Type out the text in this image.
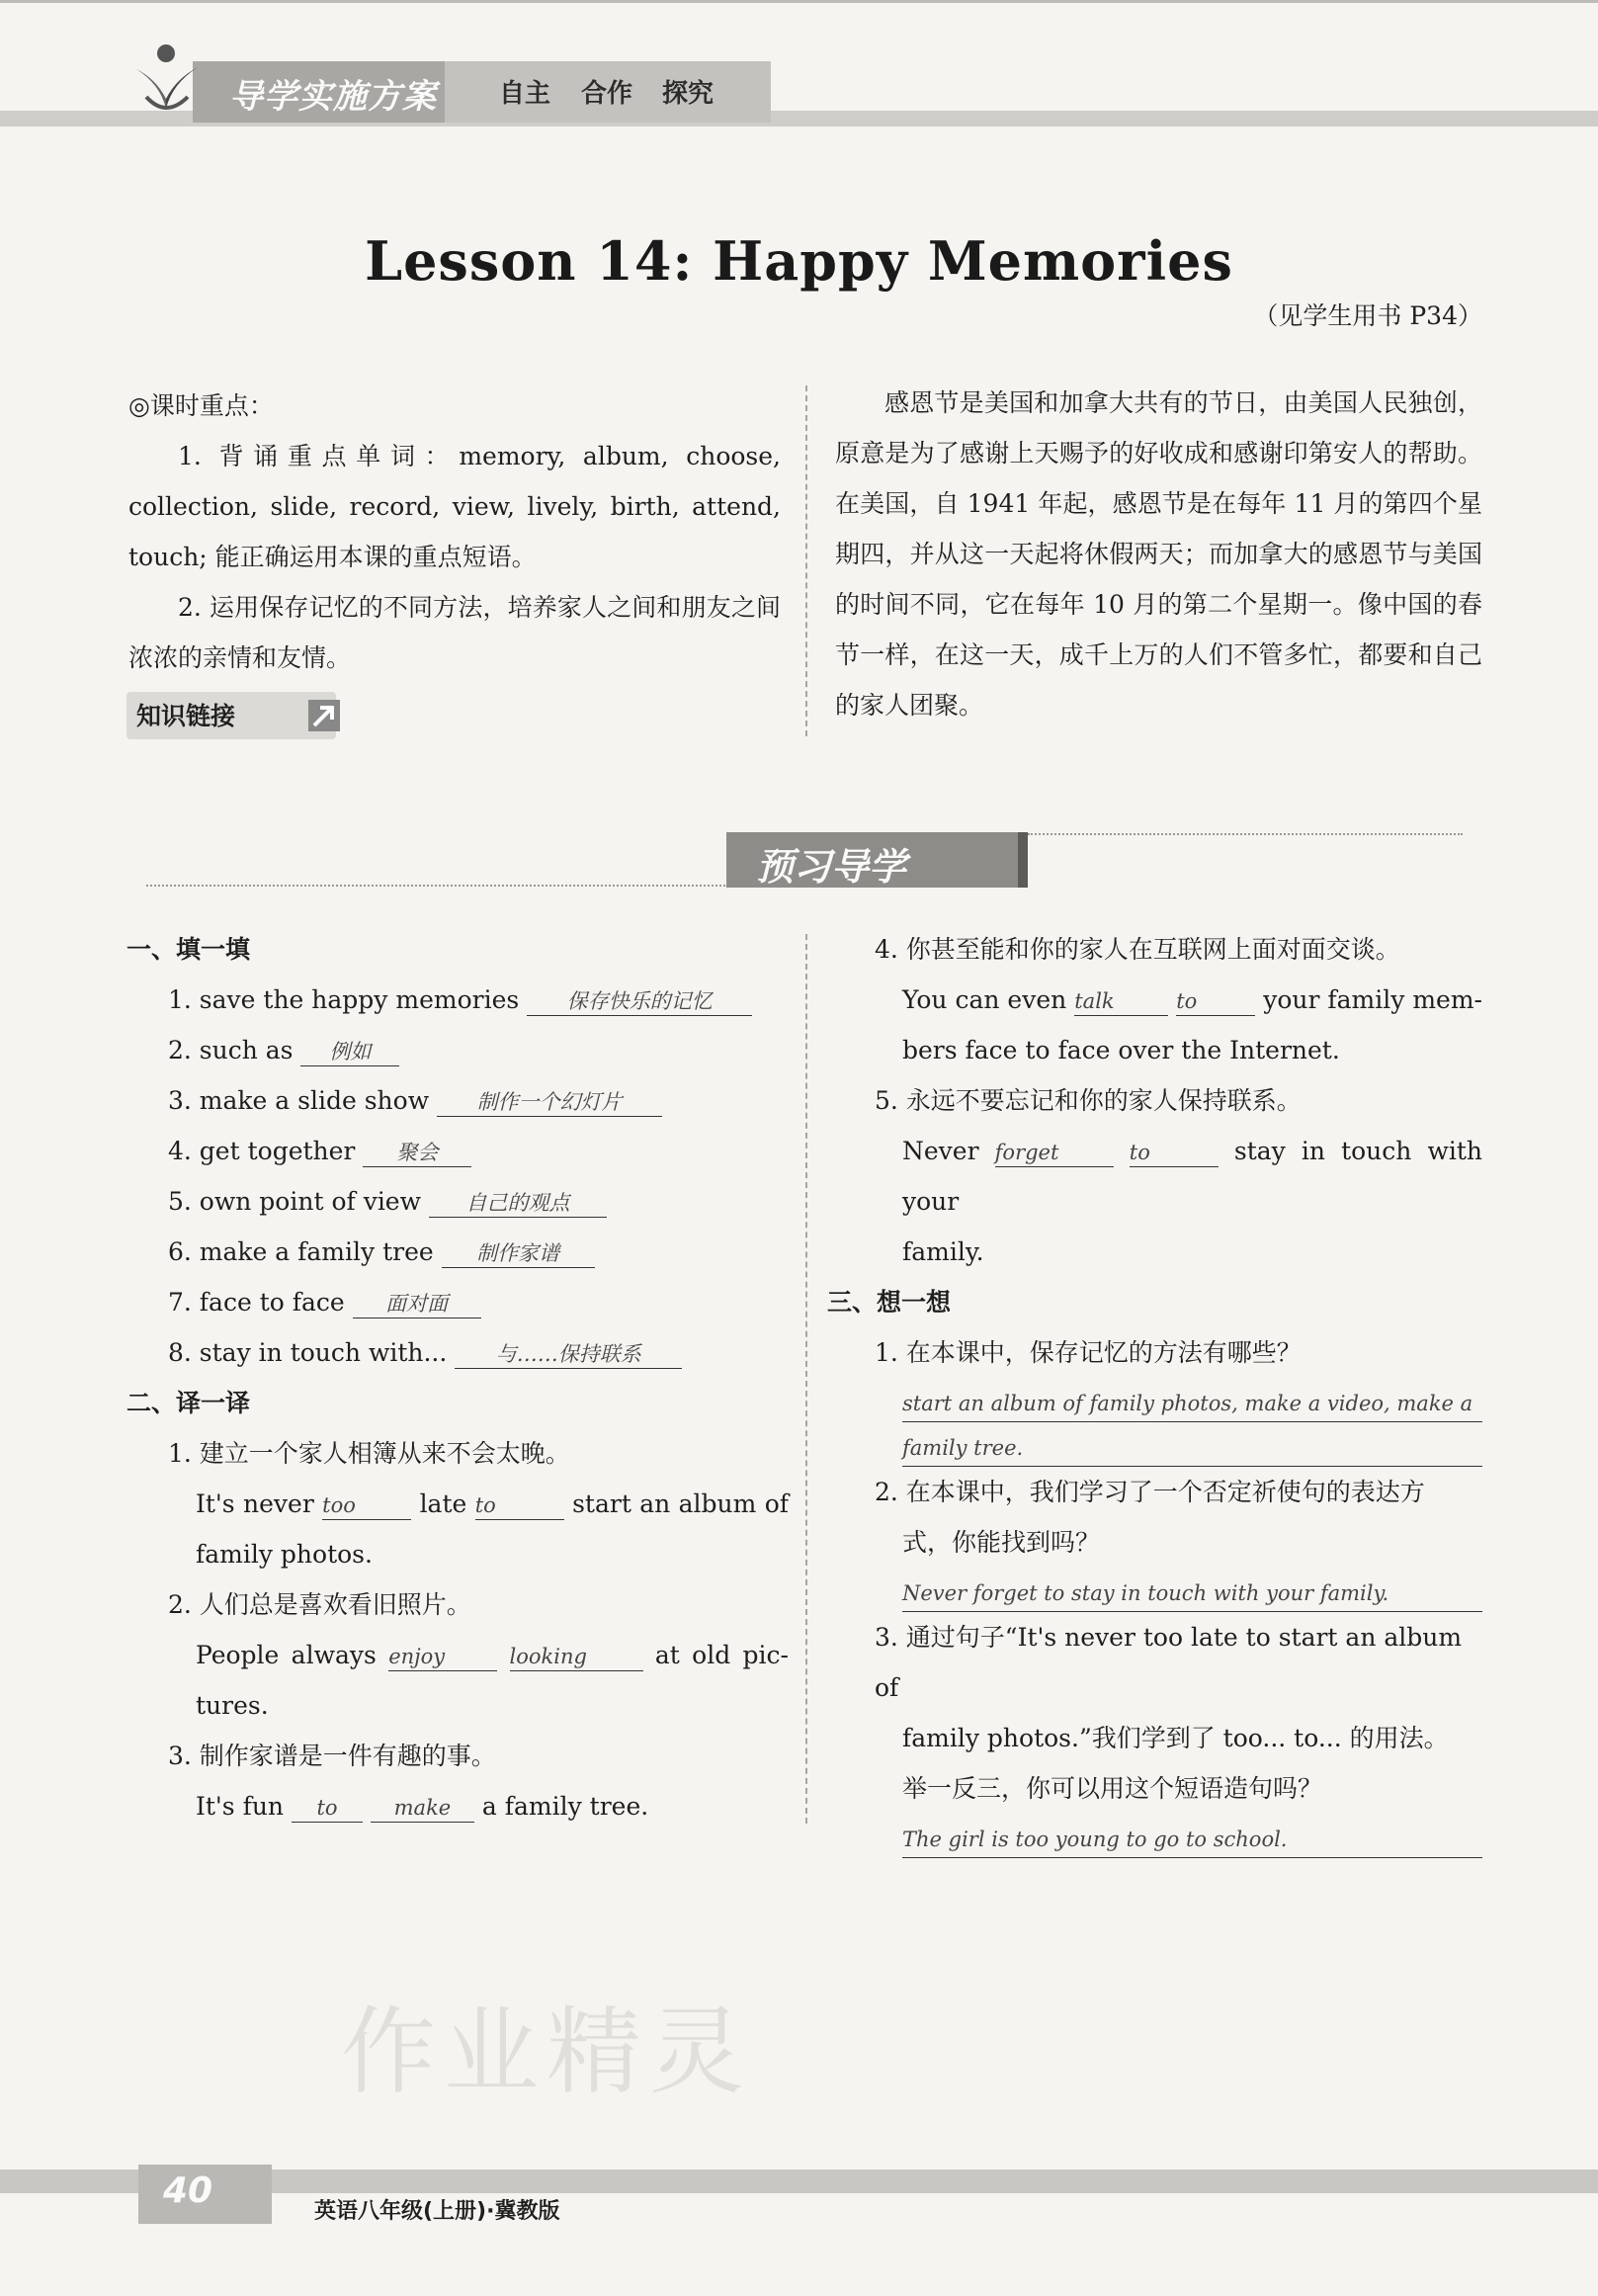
导学实施方案 自主 合作 探究
Lesson 14: Happy Memories
（见学生用书 P34）
◎课时重点：
1. 背诵重点单词：memory, album, choose, collection, slide, record, view, lively, birth, attend, touch; 能正确运用本课的重点短语。
2. 运用保存记忆的不同方法，培养家人之间和朋友之间浓浓的亲情和友情。
知识链接
感恩节是美国和加拿大共有的节日，由美国人民独创，原意是为了感谢上天赐予的好收成和感谢印第安人的帮助。在美国，自 1941 年起，感恩节是在每年 11 月的第四个星期四，并从这一天起将休假两天；而加拿大的感恩节与美国的时间不同，它在每年 10 月的第二个星期一。像中国的春节一样，在这一天，成千上万的人们不管多忙，都要和自己的家人团聚。
预习导学
一、填一填
1. save the happy memories 保存快乐的记忆
2. such as 例如
3. make a slide show 制作一个幻灯片
4. get together 聚会
5. own point of view 自己的观点
6. make a family tree 制作家谱
7. face to face 面对面
8. stay in touch with... 与……保持联系
二、译一译
1. 建立一个家人相簿从来不会太晚。
It's never too	late to	start an album of
family photos.
2. 人们总是喜欢看旧照片。
People always enjoy	looking	at old pic-
tures.
3. 制作家谱是一件有趣的事。
It's fun to	make a family tree.
4. 你甚至能和你的家人在互联网上面对面交谈。
You can even talk	to	your family mem-
bers face to face over the Internet.
5. 永远不要忘记和你的家人保持联系。
Never forget	to	stay in touch with your
family.
三、想一想
1. 在本课中，保存记忆的方法有哪些？
start an album of family photos, make a video, make a
family tree.
2. 在本课中，我们学习了一个否定祈使句的表达方
式，你能找到吗？
Never forget to stay in touch with your family.
3. 通过句子“It's never too late to start an album of
family photos.”我们学到了 too... to... 的用法。
举一反三，你可以用这个短语造句吗？
The girl is too young to go to school.
作业精灵
40
英语八年级(上册)·冀教版
